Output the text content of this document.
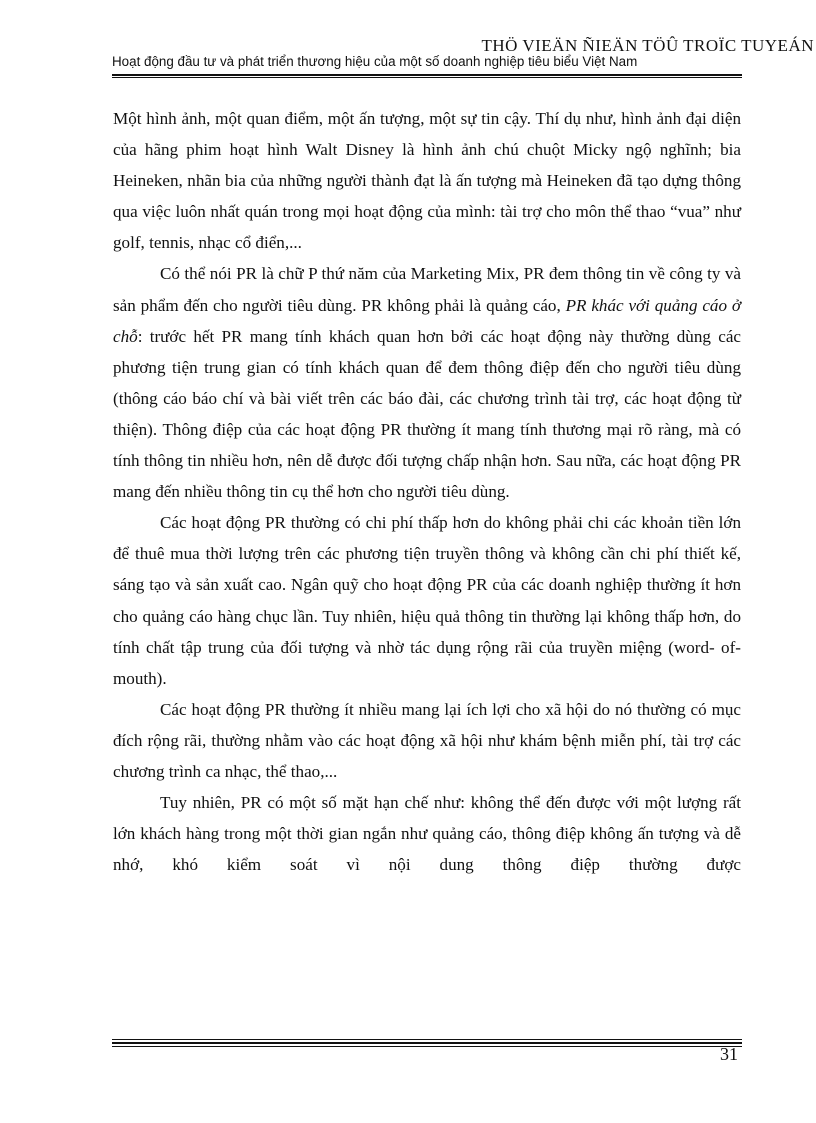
THÖ VIEÄN ÑIEÄN TÖÛ TROÏC TUYEÁN
Hoạt động đầu tư và phát triển thương hiệu của một số doanh nghiệp tiêu biểu Việt Nam

Một hình ảnh, một quan điểm, một ấn tượng, một sự tin cậy. Thí dụ như, hình ảnh đại diện của hãng phim hoạt hình Walt Disney là hình ảnh chú chuột Micky ngộ nghĩnh; bia Heineken, nhãn bia của những người thành đạt là ấn tượng mà Heineken đã tạo dựng thông qua việc luôn nhất quán trong mọi hoạt động của mình: tài trợ cho môn thể thao “vua” như golf, tennis, nhạc cổ điển,...

Có thể nói PR là chữ P thứ năm của Marketing Mix, PR đem thông tin về công ty và sản phẩm đến cho người tiêu dùng. PR không phải là quảng cáo, PR khác với quảng cáo ở chỗ: trước hết PR mang tính khách quan hơn bởi các hoạt động này thường dùng các phương tiện trung gian có tính khách quan để đem thông điệp đến cho người tiêu dùng (thông cáo báo chí và bài viết trên các báo đài, các chương trình tài trợ, các hoạt động từ thiện). Thông điệp của các hoạt động PR thường ít mang tính thương mại rõ ràng, mà có tính thông tin nhiều hơn, nên dễ được đối tượng chấp nhận hơn. Sau nữa, các hoạt động PR mang đến nhiều thông tin cụ thể hơn cho người tiêu dùng.

Các hoạt động PR thường có chi phí thấp hơn do không phải chi các khoản tiền lớn để thuê mua thời lượng trên các phương tiện truyền thông và không cần chi phí thiết kế, sáng tạo và sản xuất cao. Ngân quỹ cho hoạt động PR của các doanh nghiệp thường ít hơn cho quảng cáo hàng chục lần. Tuy nhiên, hiệu quả thông tin thường lại không thấp hơn, do tính chất tập trung của đối tượng và nhờ tác dụng rộng rãi của truyền miệng (word- of- mouth).

Các hoạt động PR thường ít nhiều mang lại ích lợi cho xã hội do nó thường có mục đích rộng rãi, thường nhằm vào các hoạt động xã hội như khám bệnh miễn phí, tài trợ các chương trình ca nhạc, thể thao,...

Tuy nhiên, PR có một số mặt hạn chế như: không thể đến được với một lượng rất lớn khách hàng trong một thời gian ngắn như quảng cáo, thông điệp không ấn tượng và dễ nhớ, khó kiểm soát vì nội dung thông điệp thường được

31
